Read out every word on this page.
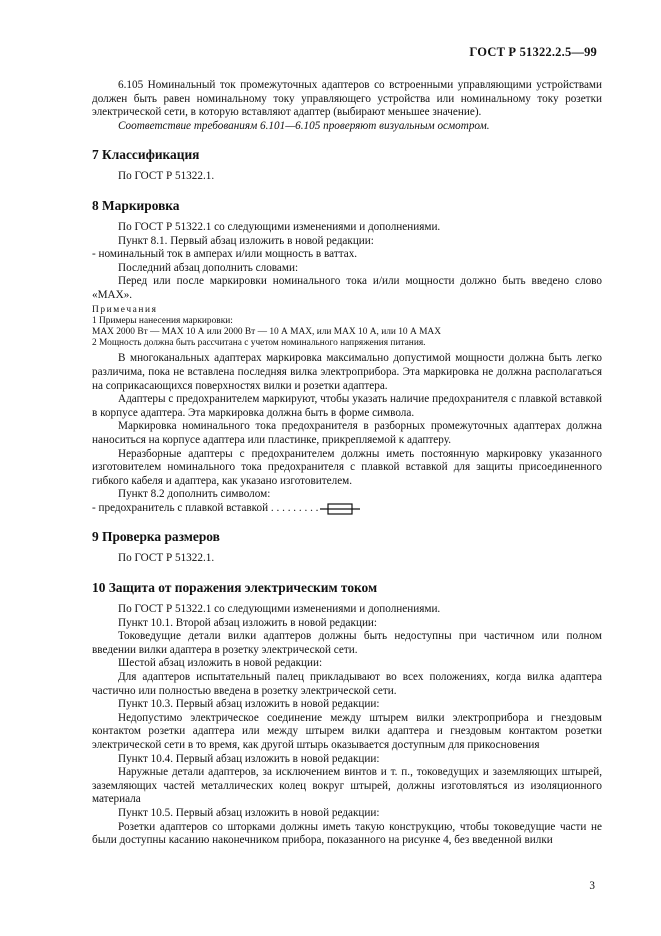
ГОСТ Р 51322.2.5—99

6.105 Номинальный ток промежуточных адаптеров со встроенными управляющими устройствами должен быть равен номинальному току управляющего устройства или номинальному току розетки электрической сети, в которую вставляют адаптер (выбирают меньшее значение).

Соответствие требованиям 6.101—6.105 проверяют визуальным осмотром.

7 Классификация

По ГОСТ Р 51322.1.

8 Маркировка

По ГОСТ Р 51322.1 со следующими изменениями и дополнениями.

Пункт 8.1. Первый абзац изложить в новой редакции:

- номинальный ток в амперах и/или мощность в ваттах.

Последний абзац дополнить словами:

Перед или после маркировки номинального тока и/или мощности должно быть введено слово «МАХ».

Примечания

1 Примеры нанесения маркировки:

МАХ 2000 Вт — МАХ 10 А или 2000 Вт — 10 А МАХ, или МАХ 10 А, или 10 А МАХ

2 Мощность должна быть рассчитана с учетом номинального напряжения питания.

В многоканальных адаптерах маркировка максимально допустимой мощности должна быть легко различима, пока не вставлена последняя вилка электроприбора. Эта маркировка не должна располагаться на соприкасающихся поверхностях вилки и розетки адаптера.

Адаптеры с предохранителем маркируют, чтобы указать наличие предохранителя с плавкой вставкой в корпусе адаптера. Эта маркировка должна быть в форме символа.

Маркировка номинального тока предохранителя в разборных промежуточных адаптерах должна наноситься на корпусе адаптера или пластинке, прикрепляемой к адаптеру.

Неразборные адаптеры с предохранителем должны иметь постоянную маркировку указанного изготовителем номинального тока предохранителя с плавкой вставкой для защиты присоединенного гибкого кабеля и адаптера, как указано изготовителем.

Пункт 8.2 дополнить символом:

- предохранитель с плавкой вставкой . . . . . . . . .
9 Проверка размеров

По ГОСТ Р 51322.1.

10 Защита от поражения электрическим током

По ГОСТ Р 51322.1 со следующими изменениями и дополнениями.

Пункт 10.1. Второй абзац изложить в новой редакции:

Токоведущие детали вилки адаптеров должны быть недоступны при частичном или полном введении вилки адаптера в розетку электрической сети.

Шестой абзац изложить в новой редакции:

Для адаптеров испытательный палец прикладывают во всех положениях, когда вилка адаптера частично или полностью введена в розетку электрической сети.

Пункт 10.3. Первый абзац изложить в новой редакции:

Недопустимо электрическое соединение между штырем вилки электроприбора и гнездовым контактом розетки адаптера или между штырем вилки адаптера и гнездовым контактом розетки электрической сети в то время, как другой штырь оказывается доступным для прикосновения

Пункт 10.4. Первый абзац изложить в новой редакции:

Наружные детали адаптеров, за исключением винтов и т. п., токоведущих и заземляющих штырей, заземляющих частей металлических колец вокруг штырей, должны изготовляться из изоляционного материала

Пункт 10.5. Первый абзац изложить в новой редакции:

Розетки адаптеров со шторками должны иметь такую конструкцию, чтобы токоведущие части не были доступны касанию наконечником прибора, показанного на рисунке 4, без введенной вилки

3
